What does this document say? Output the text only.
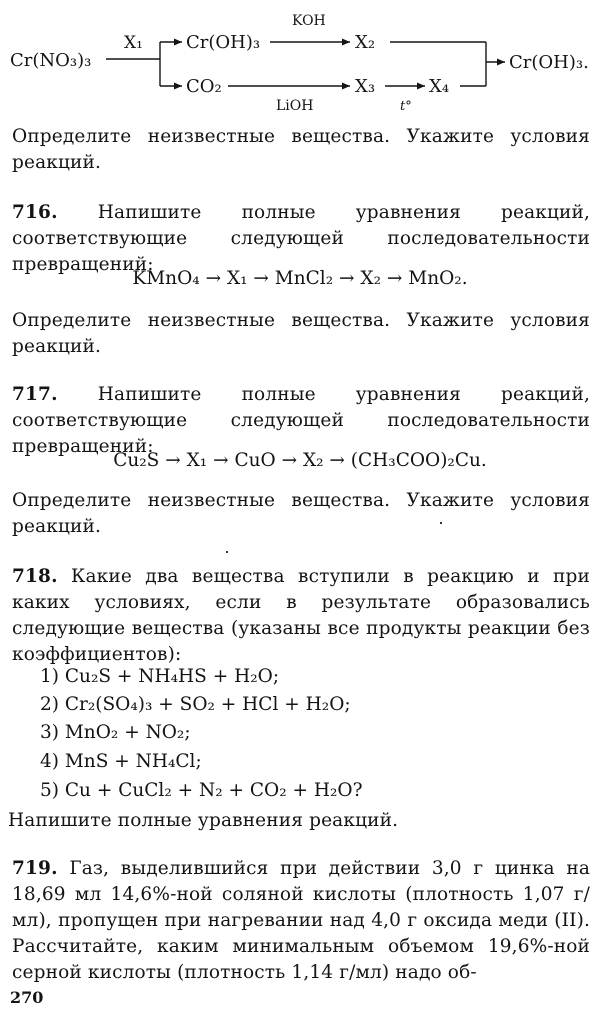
Cr(NO₃)₃
X₁ Cr(OH)₃
KOH
X₂
CO₂
LiOH
X₃
t°
X₄
Cr(OH)₃.
Определите неизвестные вещества. Укажите условия реакций.
716. Напишите полные уравнения реакций, соответствующие следующей последовательности превращений:
KMnO₄ → X₁ → MnCl₂ → X₂ → MnO₂.
Определите неизвестные вещества. Укажите условия реакций.
717. Напишите полные уравнения реакций, соответствующие следующей последовательности превращений:
Cu₂S → X₁ → CuO → X₂ → (CH₃COO)₂Cu.
Определите неизвестные вещества. Укажите условия реакций.
718. Какие два вещества вступили в реакцию и при каких условиях, если в результате образовались следующие вещества (указаны все продукты реакции без коэффициентов):
1) Cu₂S + NH₄HS + H₂O;
2) Cr₂(SO₄)₃ + SO₂ + HCl + H₂O;
3) MnO₂ + NO₂;
4) MnS + NH₄Cl;
5) Cu + CuCl₂ + N₂ + CO₂ + H₂O?
Напишите полные уравнения реакций.
719. Газ, выделившийся при действии 3,0 г цинка на 18,69 мл 14,6%-ной соляной кислоты (плотность 1,07 г/мл), пропущен при нагревании над 4,0 г оксида меди (II). Рассчитайте, каким минимальным объемом 19,6%-ной серной кислоты (плотность 1,14 г/мл) надо об-
270
